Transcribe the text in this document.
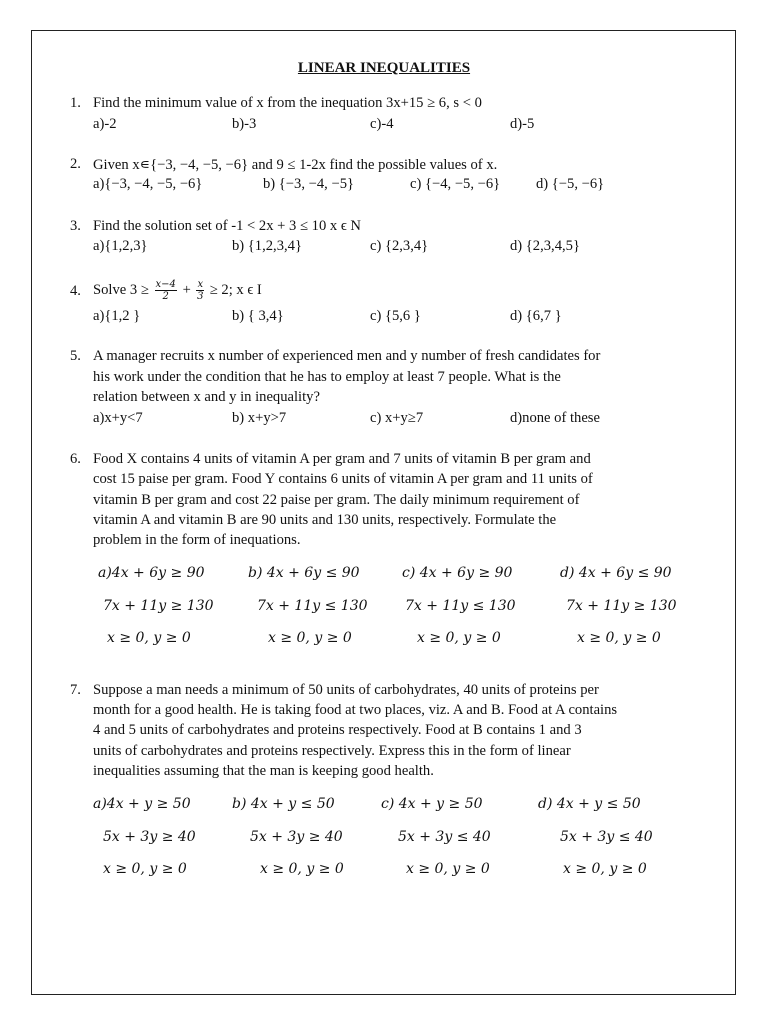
LINEAR INEQUALITIES
1. Find the minimum value of x from the inequation 3x+15 ≥ 6, s < 0
a)-2	b)-3	c)-4	d)-5
2. Given x∊{−3, −4, −5, −6} and 9 ≤ 1-2x find the possible values of x.
a){−3, −4, −5, −6}	b) {−3, −4, −5}	c) {−4, −5, −6} d) {−5, −6}
3. Find the solution set of -1 < 2x + 3 ≤ 10 x ϵ N
a){1,2,3}	b) {1,2,3,4}	c) {2,3,4}	d) {2,3,4,5}
4. Solve $3 \ge \frac{x-4}{2} + \frac{x}{3} \ge 2$; x ϵ I
a){1,2 }	b) { 3,4}	c) {5,6 }	d) {6,7 }
5. A manager recruits x number of experienced men and y number of fresh candidates for
his work under the condition that he has to employ at least 7 people. What is the
relation between x and y in inequality?
a)x+y<7	b) x+y>7	c) x+y≥7	d)none of these
6. Food X contains 4 units of vitamin A per gram and 7 units of vitamin B per gram and
cost 15 paise per gram. Food Y contains 6 units of vitamin A per gram and 11 units of
vitamin B per gram and cost 22 paise per gram. The daily minimum requirement of
vitamin A and vitamin B are 90 units and 130 units, respectively. Formulate the
problem in the form of inequations.
a)4x + 6y ≥ 90	b) 4x + 6y ≤ 90	c) 4x + 6y ≥ 90	d) 4x + 6y ≤ 90
7x + 11y ≥ 130	7x + 11y ≤ 130	7x + 11y ≤ 130	7x + 11y ≥ 130
x ≥ 0, y ≥ 0	x ≥ 0, y ≥ 0	x ≥ 0, y ≥ 0	x ≥ 0, y ≥ 0
7. Suppose a man needs a minimum of 50 units of carbohydrates, 40 units of proteins per
month for a good health. He is taking food at two places, viz. A and B. Food at A contains
4 and 5 units of carbohydrates and proteins respectively. Food at B contains 1 and 3
units of carbohydrates and proteins respectively. Express this in the form of linear
inequalities assuming that the man is keeping good health.
a)4x + y ≥ 50	b) 4x + y ≤ 50	c) 4x + y ≥ 50	d) 4x + y ≤ 50
5x + 3y ≥ 40	5x + 3y ≥ 40	5x + 3y ≤ 40	5x + 3y ≤ 40
x ≥ 0, y ≥ 0	x ≥ 0, y ≥ 0	x ≥ 0, y ≥ 0	x ≥ 0, y ≥ 0
